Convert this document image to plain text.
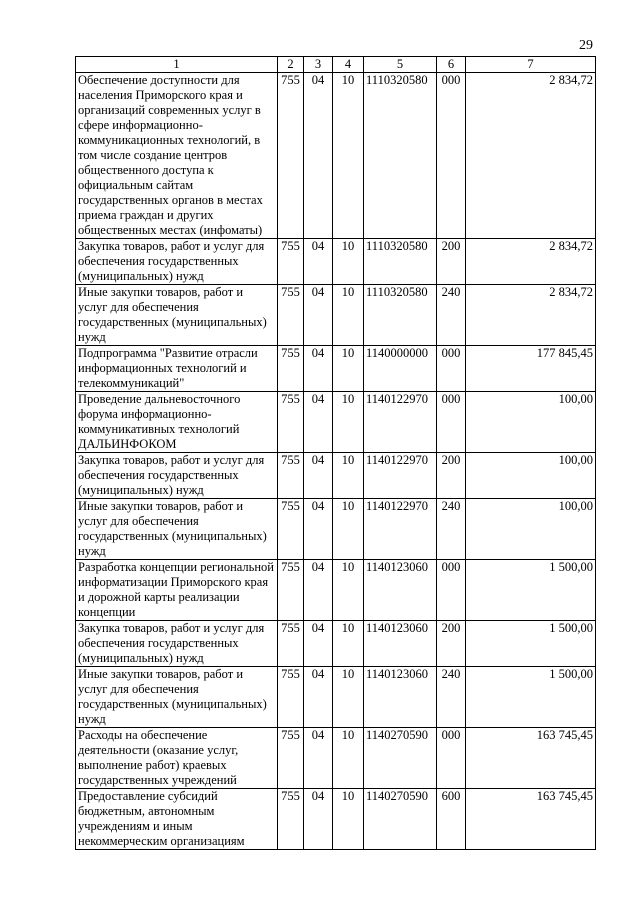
29
1	2	3	4	5	6	7
Обеспечение доступности для населения Приморского края и организаций современных услуг в сфере информационно-коммуникационных технологий, в том числе создание центров общественного доступа к официальным сайтам государственных органов в местах приема граждан и других общественных местах (инфоматы)	755	04	10	1110320580	000	2 834,72
Закупка товаров, работ и услуг для обеспечения государственных (муниципальных) нужд	755	04	10	1110320580	200	2 834,72
Иные закупки товаров, работ и услуг для обеспечения государственных (муниципальных) нужд	755	04	10	1110320580	240	2 834,72
Подпрограмма "Развитие отрасли информационных технологий и телекоммуникаций"	755	04	10	1140000000	000	177 845,45
Проведение дальневосточного форума информационно-коммуникативных технологий ДАЛЬИНФОКОМ	755	04	10	1140122970	000	100,00
Закупка товаров, работ и услуг для обеспечения государственных (муниципальных) нужд	755	04	10	1140122970	200	100,00
Иные закупки товаров, работ и услуг для обеспечения государственных (муниципальных) нужд	755	04	10	1140122970	240	100,00
Разработка концепции региональной информатизации Приморского края и дорожной карты реализации концепции	755	04	10	1140123060	000	1 500,00
Закупка товаров, работ и услуг для обеспечения государственных (муниципальных) нужд	755	04	10	1140123060	200	1 500,00
Иные закупки товаров, работ и услуг для обеспечения государственных (муниципальных) нужд	755	04	10	1140123060	240	1 500,00
Расходы на обеспечение деятельности (оказание услуг, выполнение работ) краевых государственных учреждений	755	04	10	1140270590	000	163 745,45
Предоставление субсидий бюджетным, автономным учреждениям и иным некоммерческим организациям	755	04	10	1140270590	600	163 745,45
